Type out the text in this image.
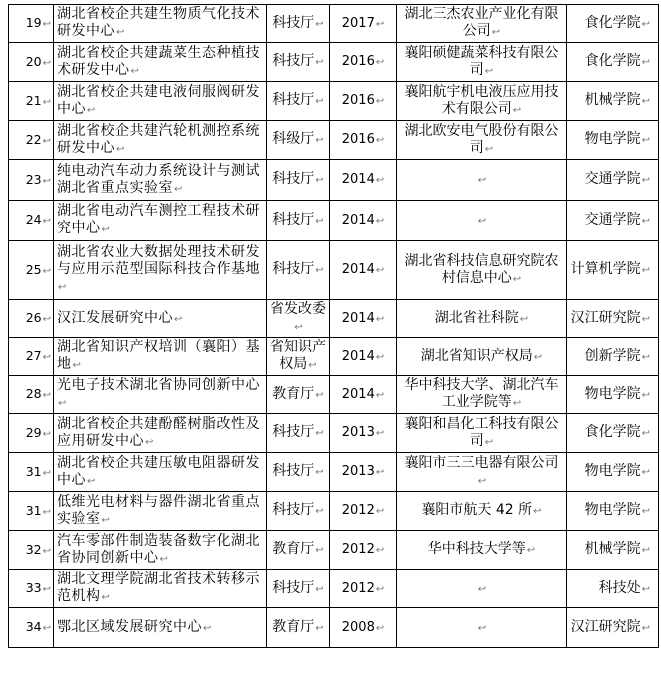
19↩	湖北省校企共建生物质气化技术研发中心↩	科技厅↩	2017↩	湖北三杰农业产业化有限公司↩	食化学院↩
20↩	湖北省校企共建蔬菜生态种植技术研发中心↩	科技厅↩	2016↩	襄阳硕健蔬菜科技有限公司↩	食化学院↩
21↩	湖北省校企共建电液伺服阀研发中心↩	科技厅↩	2016↩	襄阳航宇机电液压应用技术有限公司↩	机械学院↩
22↩	湖北省校企共建汽轮机测控系统研发中心↩	科级厅↩	2016↩	湖北欧安电气股份有限公司↩	物电学院↩
23↩	纯电动汽车动力系统设计与测试湖北省重点实验室↩	科技厅↩	2014↩	↩	交通学院↩
24↩	湖北省电动汽车测控工程技术研究中心↩	科技厅↩	2014↩	↩	交通学院↩
25↩	湖北省农业大数据处理技术研发与应用示范型国际科技合作基地↩	科技厅↩	2014↩	湖北省科技信息研究院农村信息中心↩	计算机学院↩
26↩	汉江发展研究中心↩	省发改委↩	2014↩	湖北省社科院↩	汉江研究院↩
27↩	湖北省知识产权培训（襄阳）基地↩	省知识产权局↩	2014↩	湖北省知识产权局↩	创新学院↩
28↩	光电子技术湖北省协同创新中心↩	教育厅↩	2014↩	华中科技大学、湖北汽车工业学院等↩	物电学院↩
29↩	湖北省校企共建酚醛树脂改性及应用研发中心↩	科技厅↩	2013↩	襄阳和昌化工科技有限公司↩	食化学院↩
31↩	湖北省校企共建压敏电阻器研发中心↩	科技厅↩	2013↩	襄阳市三三电器有限公司↩	物电学院↩
31↩	低维光电材料与器件湖北省重点实验室↩	科技厅↩	2012↩	襄阳市航天 42 所↩	物电学院↩
32↩	汽车零部件制造装备数字化湖北省协同创新中心↩	教育厅↩	2012↩	华中科技大学等↩	机械学院↩
33↩	湖北文理学院湖北省技术转移示范机构↩	科技厅↩	2012↩	↩	科技处↩
34↩	鄂北区域发展研究中心↩	教育厅↩	2008↩	↩	汉江研究院↩
